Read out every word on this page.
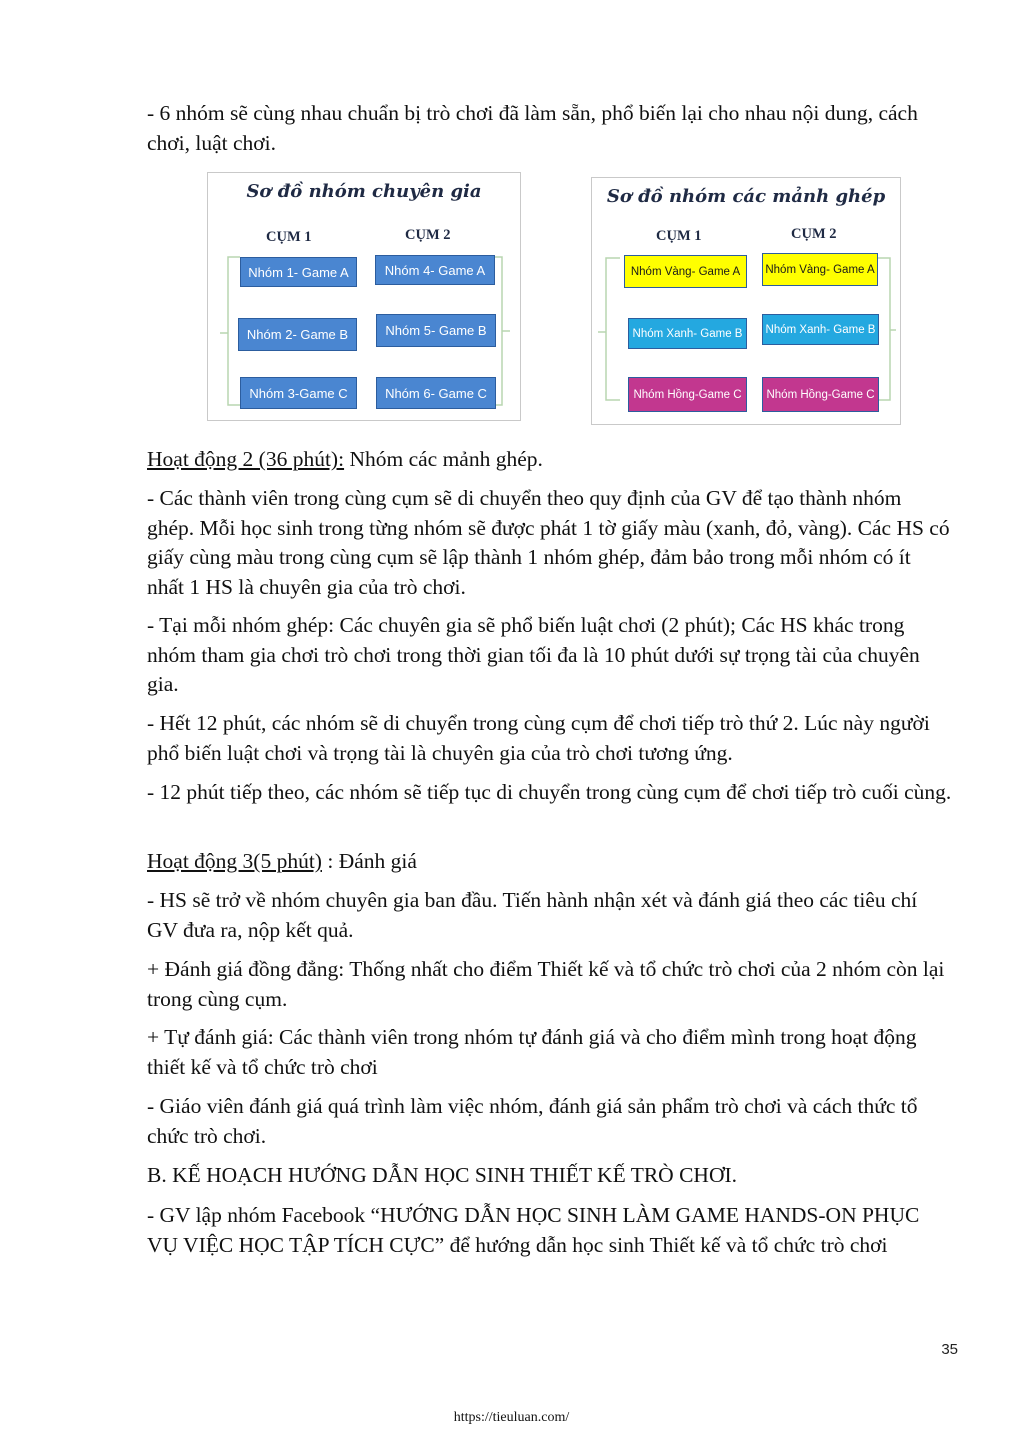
- 6 nhóm sẽ cùng nhau chuẩn bị trò chơi đã làm sẵn, phổ biến lại cho nhau nội dung, cách chơi, luật chơi.

Sơ đồ nhóm chuyên gia
CỤM 1	CỤM 2
Nhóm 1- Game A	Nhóm 4- Game A
Nhóm 2- Game B	Nhóm 5- Game B
Nhóm 3-Game C	Nhóm 6- Game C
Sơ đồ nhóm các mảnh ghép
CỤM 1	CỤM 2
Nhóm Vàng- Game A	Nhóm Vàng- Game A
Nhóm Xanh- Game B	Nhóm Xanh- Game B
Nhóm Hồng-Game C	Nhóm Hồng-Game C

Hoạt động 2 (36 phút): Nhóm các mảnh ghép.

- Các thành viên trong cùng cụm sẽ di chuyển theo quy định của GV để tạo thành nhóm ghép. Mỗi học sinh trong từng nhóm sẽ được phát 1 tờ giấy màu (xanh, đỏ, vàng). Các HS có giấy cùng màu trong cùng cụm sẽ lập thành 1 nhóm ghép, đảm bảo trong mỗi nhóm có ít nhất 1 HS là chuyên gia của trò chơi.

- Tại mỗi nhóm ghép: Các chuyên gia sẽ phổ biến luật chơi (2 phút); Các HS khác trong nhóm tham gia chơi trò chơi trong thời gian tối đa là 10 phút dưới sự trọng tài của chuyên gia.

- Hết 12 phút, các nhóm sẽ di chuyển trong cùng cụm để chơi tiếp trò thứ 2. Lúc này người phổ biến luật chơi và trọng tài là chuyên gia của trò chơi tương ứng.

- 12 phút tiếp theo, các nhóm sẽ tiếp tục di chuyển trong cùng cụm để chơi tiếp trò cuối cùng.

Hoạt động 3(5 phút) : Đánh giá

- HS sẽ trở về nhóm chuyên gia ban đầu. Tiến hành nhận xét và đánh giá theo các tiêu chí GV đưa ra, nộp kết quả.

+ Đánh giá đồng đẳng: Thống nhất cho điểm Thiết kế và tổ chức trò chơi của 2 nhóm còn lại trong cùng cụm.

+ Tự đánh giá: Các thành viên trong nhóm tự đánh giá và cho điểm mình trong hoạt động thiết kế và tổ chức trò chơi

- Giáo viên đánh giá quá trình làm việc nhóm, đánh giá sản phẩm trò chơi và cách thức tổ chức trò chơi.

B. KẾ HOẠCH HƯỚNG DẪN HỌC SINH THIẾT KẾ TRÒ CHƠI.

- GV lập nhóm Facebook “HƯỚNG DẪN HỌC SINH LÀM GAME HANDS-ON PHỤC VỤ VIỆC HỌC TẬP TÍCH CỰC” để hướng dẫn học sinh Thiết kế và tổ chức trò chơi

35
https://tieuluan.com/
